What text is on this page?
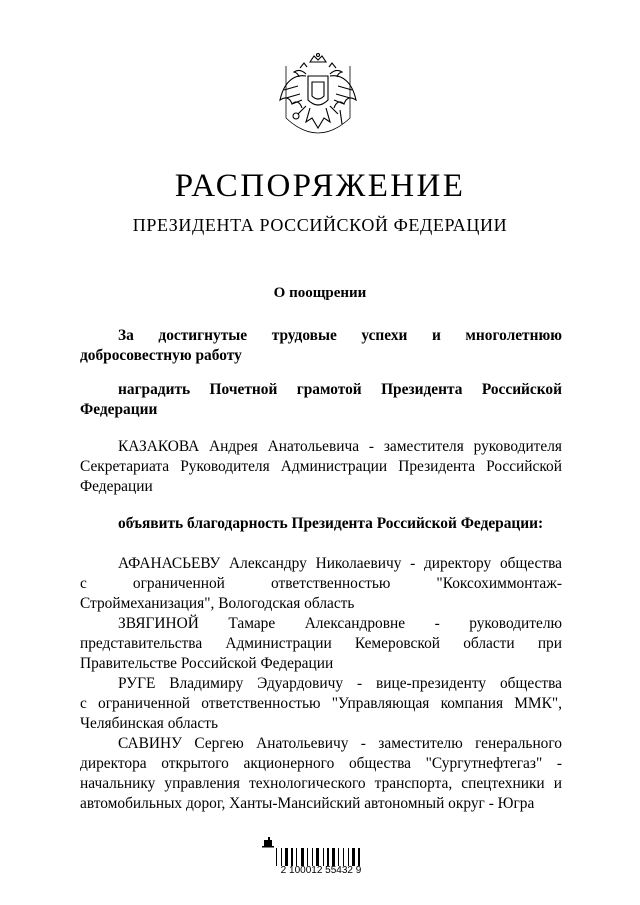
РАСПОРЯЖЕНИЕ
ПРЕЗИДЕНТА РОССИЙСКОЙ ФЕДЕРАЦИИ
О поощрении
За достигнутые трудовые успехи и многолетнюю
добросовестную работу
наградить Почетной грамотой Президента Российской
Федерации
КАЗАКОВА Андрея Анатольевича - заместителя руководителя
Секретариата Руководителя Администрации Президента Российской
Федерации
объявить благодарность Президента Российской Федерации:
АФАНАСЬЕВУ Александру Николаевичу - директору общества
с ограниченной ответственностью "Коксохиммонтаж-
Строймеханизация", Вологодская область
ЗВЯГИНОЙ Тамаре Александровне - руководителю
представительства Администрации Кемеровской области при
Правительстве Российской Федерации
РУГЕ Владимиру Эдуардовичу - вице-президенту общества
с ограниченной ответственностью "Управляющая компания ММК",
Челябинская область
САВИНУ Сергею Анатольевичу - заместителю генерального
директора открытого акционерного общества "Сургутнефтегаз" -
начальнику управления технологического транспорта, спецтехники и
автомобильных дорог, Ханты-Мансийский автономный округ - Югра
2 100012 55432 9
